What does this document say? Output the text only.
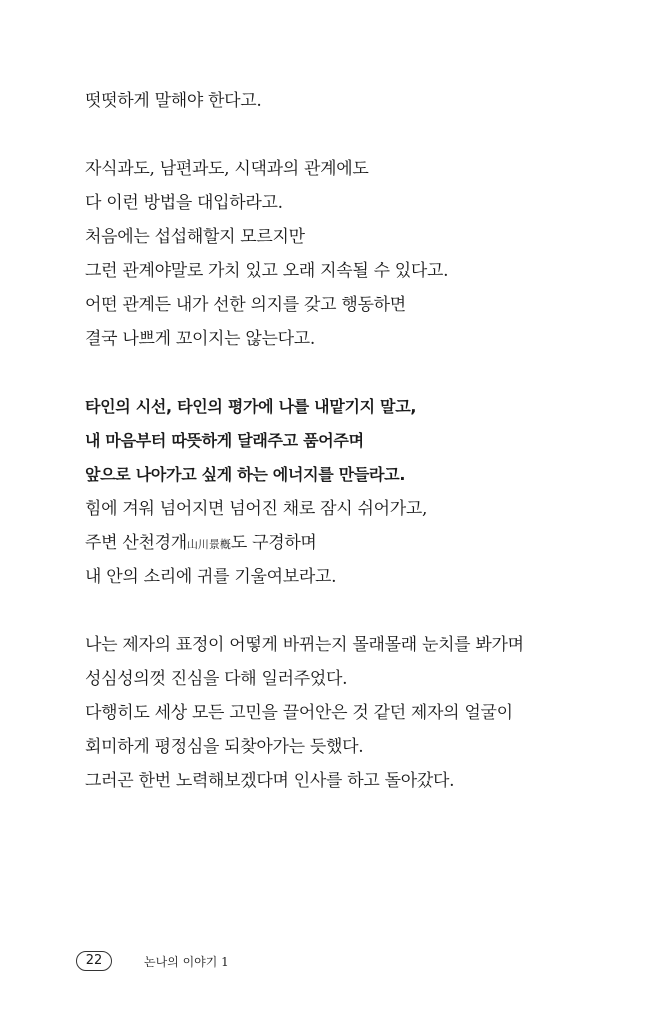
떳떳하게 말해야 한다고.
자식과도, 남편과도, 시댁과의 관계에도
다 이런 방법을 대입하라고.
처음에는 섭섭해할지 모르지만
그런 관계야말로 가치 있고 오래 지속될 수 있다고.
어떤 관계든 내가 선한 의지를 갖고 행동하면
결국 나쁘게 꼬이지는 않는다고.
타인의 시선, 타인의 평가에 나를 내맡기지 말고,
내 마음부터 따뜻하게 달래주고 품어주며
앞으로 나아가고 싶게 하는 에너지를 만들라고.
힘에 겨워 넘어지면 넘어진 채로 잠시 쉬어가고,
주변 산천경개山川景槪도 구경하며
내 안의 소리에 귀를 기울여보라고.
나는 제자의 표정이 어떻게 바뀌는지 몰래몰래 눈치를 봐가며
성심성의껏 진심을 다해 일러주었다.
다행히도 세상 모든 고민을 끌어안은 것 같던 제자의 얼굴이
회미하게 평정심을 되찾아가는 듯했다.
그러곤 한번 노력해보겠다며 인사를 하고 돌아갔다.
22	논나의 이야기 1
